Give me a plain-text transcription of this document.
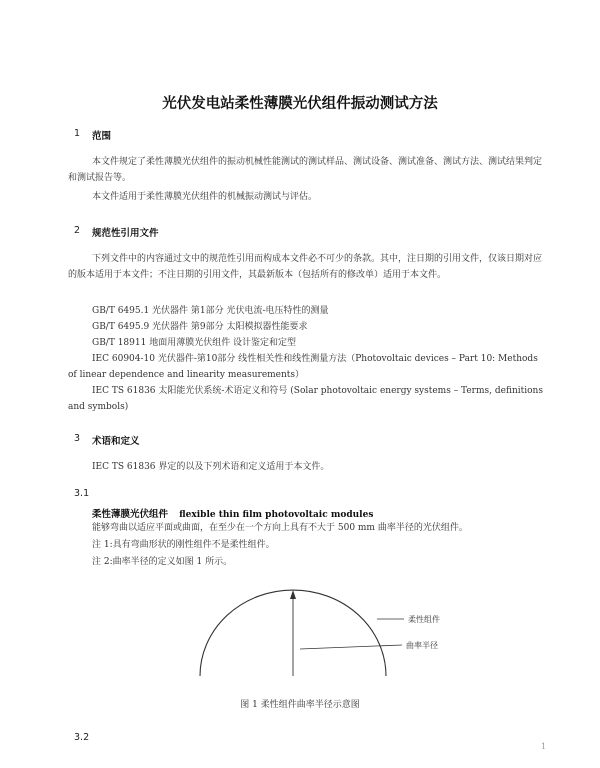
光伏发电站柔性薄膜光伏组件振动测试方法
1 范围
本文件规定了柔性薄膜光伏组件的振动机械性能测试的测试样品、测试设备、测试准备、测试方法、测试结果判定和测试报告等。
本文件适用于柔性薄膜光伏组件的机械振动测试与评估。
2 规范性引用文件
下列文件中的内容通过文中的规范性引用而构成本文件必不可少的条款。其中，注日期的引用文件，仅该日期对应的版本适用于本文件；不注日期的引用文件，其最新版本（包括所有的修改单）适用于本文件。
GB/T 6495.1 光伏器件 第1部分 光伏电流-电压特性的测量
GB/T 6495.9 光伏器件 第9部分 太阳模拟器性能要求
GB/T 18911 地面用薄膜光伏组件 设计鉴定和定型
IEC 60904-10 光伏器件-第10部分 线性相关性和线性测量方法（Photovoltaic devices – Part 10: Methods of linear dependence and linearity measurements）
IEC TS 61836 太阳能光伏系统-术语定义和符号 (Solar photovoltaic energy systems – Terms, definitions and symbols)
3 术语和定义
IEC TS 61836 界定的以及下列术语和定义适用于本文件。
3.1
柔性薄膜光伏组件 flexible thin film photovoltaic modules
能够弯曲以适应平面或曲面，在至少在一个方向上具有不大于 500 mm 曲率半径的光伏组件。
注 1:具有弯曲形状的刚性组件不是柔性组件。
注 2:曲率半径的定义如图 1 所示。
柔性组件
曲率半径
图 1 柔性组件曲率半径示意图
3.2
1
